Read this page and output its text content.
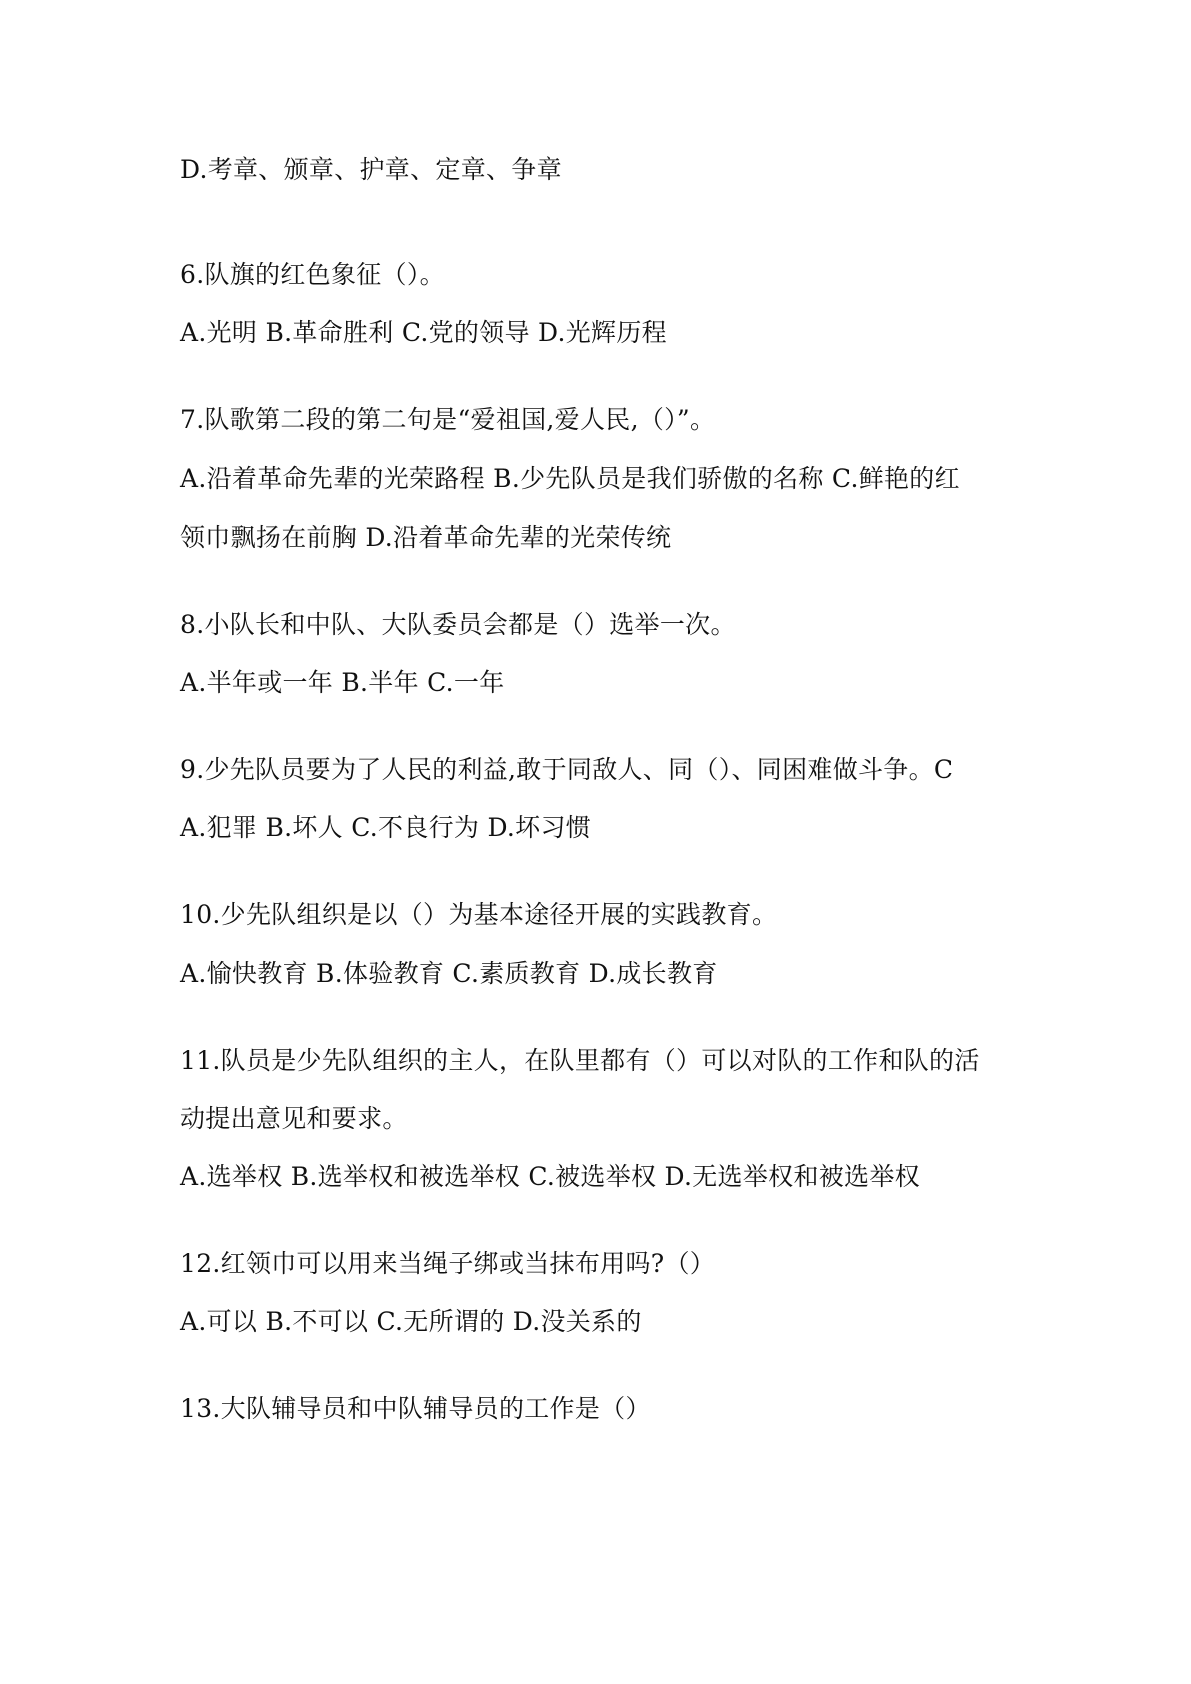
D.考章、颁章、护章、定章、争章
6.队旗的红色象征（）。
A.光明 B.革命胜利 C.党的领导 D.光辉历程
7.队歌第二段的第二句是“爱祖国,爱人民,（）”。
A.沿着革命先辈的光荣路程 B.少先队员是我们骄傲的名称 C.鲜艳的红
领巾飘扬在前胸 D.沿着革命先辈的光荣传统
8.小队长和中队、大队委员会都是（）选举一次。
A.半年或一年 B.半年 C.一年
9.少先队员要为了人民的利益,敢于同敌人、同（）、同困难做斗争。C
A.犯罪 B.坏人 C.不良行为 D.坏习惯
10.少先队组织是以（）为基本途径开展的实践教育。
A.愉快教育 B.体验教育 C.素质教育 D.成长教育
11.队员是少先队组织的主人，在队里都有（）可以对队的工作和队的活
动提出意见和要求。
A.选举权 B.选举权和被选举权 C.被选举权 D.无选举权和被选举权
12.红领巾可以用来当绳子绑或当抹布用吗?（）
A.可以 B.不可以 C.无所谓的 D.没关系的
13.大队辅导员和中队辅导员的工作是（）
